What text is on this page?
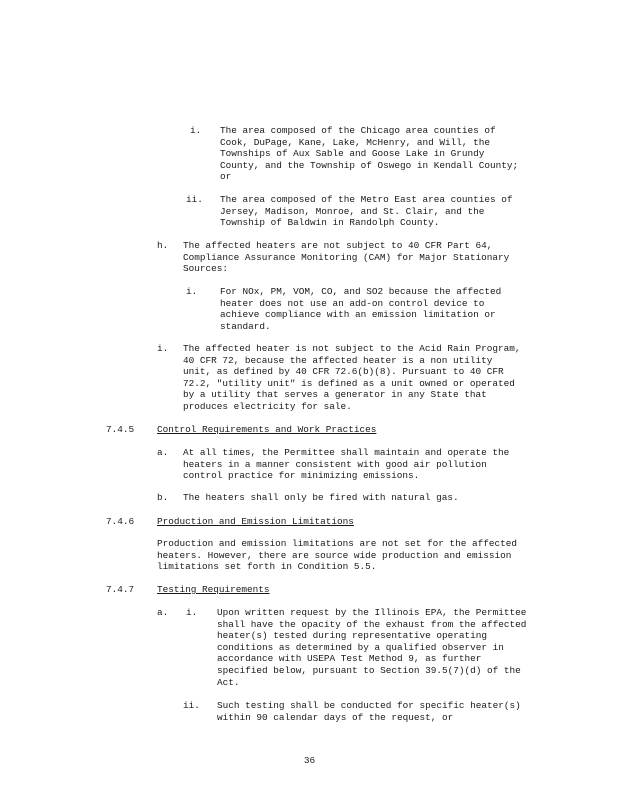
i. The area composed of the Chicago area counties of Cook, DuPage, Kane, Lake, McHenry, and Will, the Townships of Aux Sable and Goose Lake in Grundy County, and the Township of Oswego in Kendall County; or
ii. The area composed of the Metro East area counties of Jersey, Madison, Monroe, and St. Clair, and the Township of Baldwin in Randolph County.
h. The affected heaters are not subject to 40 CFR Part 64, Compliance Assurance Monitoring (CAM) for Major Stationary Sources:
i. For NOx, PM, VOM, CO, and SO2 because the affected heater does not use an add-on control device to achieve compliance with an emission limitation or standard.
i. The affected heater is not subject to the Acid Rain Program, 40 CFR 72, because the affected heater is a non utility unit, as defined by 40 CFR 72.6(b)(8). Pursuant to 40 CFR 72.2, "utility unit" is defined as a unit owned or operated by a utility that serves a generator in any State that produces electricity for sale.
7.4.5 Control Requirements and Work Practices
a. At all times, the Permittee shall maintain and operate the heaters in a manner consistent with good air pollution control practice for minimizing emissions.
b. The heaters shall only be fired with natural gas.
7.4.6 Production and Emission Limitations
Production and emission limitations are not set for the affected heaters. However, there are source wide production and emission limitations set forth in Condition 5.5.
7.4.7 Testing Requirements
a. i. Upon written request by the Illinois EPA, the Permittee shall have the opacity of the exhaust from the affected heater(s) tested during representative operating conditions as determined by a qualified observer in accordance with USEPA Test Method 9, as further specified below, pursuant to Section 39.5(7)(d) of the Act.
ii. Such testing shall be conducted for specific heater(s) within 90 calendar days of the request, or
36
